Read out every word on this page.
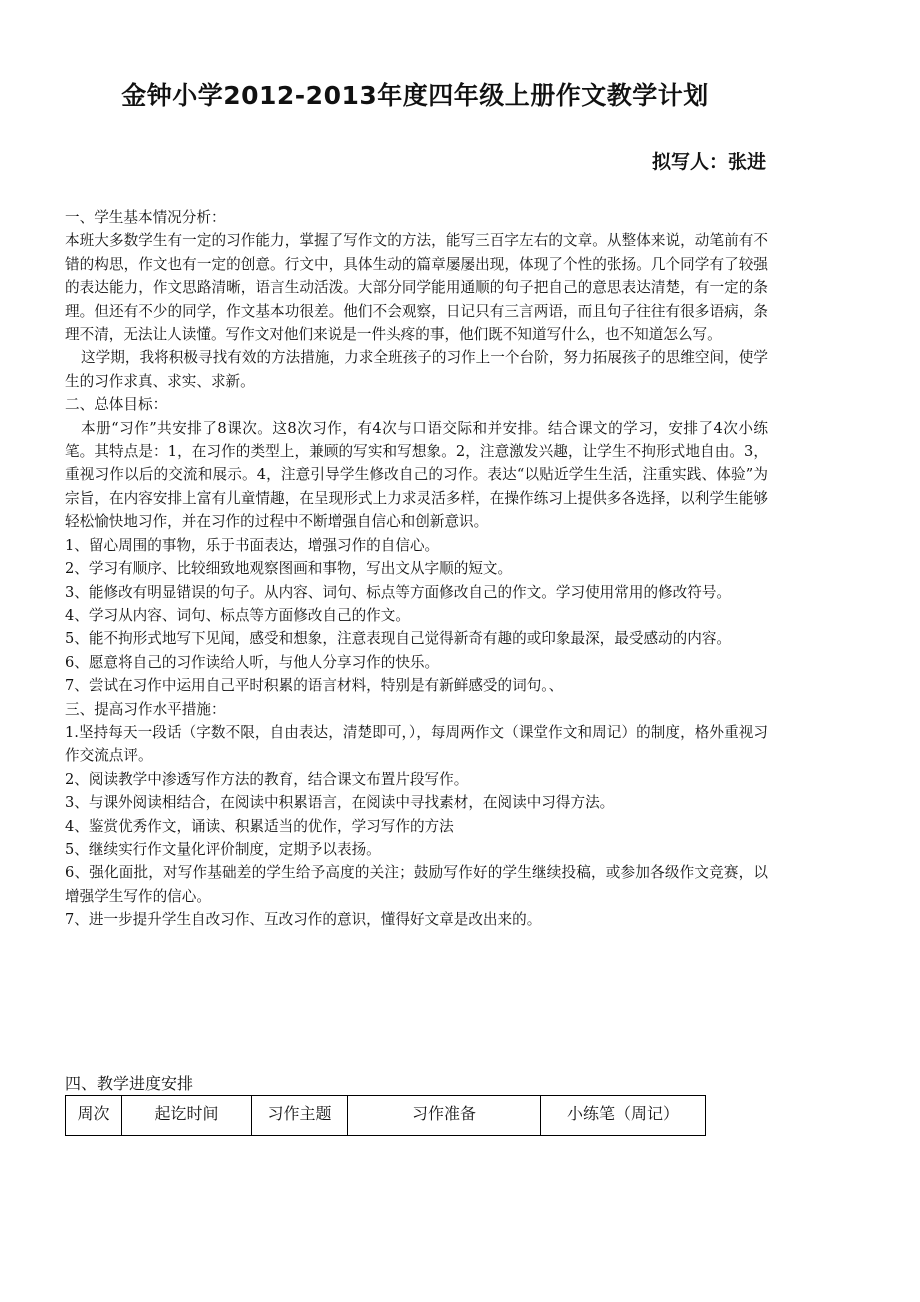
金钟小学2012-2013年度四年级上册作文教学计划
拟写人：张进

一、学生基本情况分析：

本班大多数学生有一定的习作能力，掌握了写作文的方法，能写三百字左右的文章。从整体来说，动笔前有不错的构思，作文也有一定的创意。行文中，具体生动的篇章屡屡出现，体现了个性的张扬。几个同学有了较强的表达能力，作文思路清晰，语言生动活泼。大部分同学能用通顺的句子把自己的意思表达清楚，有一定的条理。但还有不少的同学，作文基本功很差。他们不会观察，日记只有三言两语，而且句子往往有很多语病，条理不清，无法让人读懂。写作文对他们来说是一件头疼的事，他们既不知道写什么，也不知道怎么写。

这学期，我将积极寻找有效的方法措施，力求全班孩子的习作上一个台阶，努力拓展孩子的思维空间，使学生的习作求真、求实、求新。

二、总体目标：

本册“习作”共安排了8课次。这8次习作，有4次与口语交际和并安排。结合课文的学习，安排了4次小练笔。其特点是：1，在习作的类型上，兼顾的写实和写想象。2，注意激发兴趣，让学生不拘形式地自由。3，重视习作以后的交流和展示。4，注意引导学生修改自己的习作。表达“以贴近学生生活，注重实践、体验”为宗旨，在内容安排上富有儿童情趣，在呈现形式上力求灵活多样，在操作练习上提供多各选择，以利学生能够轻松愉快地习作，并在习作的过程中不断增强自信心和创新意识。

1、留心周围的事物，乐于书面表达，增强习作的自信心。

2、学习有顺序、比较细致地观察图画和事物，写出文从字顺的短文。

3、能修改有明显错误的句子。从内容、词句、标点等方面修改自己的作文。学习使用常用的修改符号。

4、学习从内容、词句、标点等方面修改自己的作文。

5、能不拘形式地写下见闻，感受和想象，注意表现自己觉得新奇有趣的或印象最深，最受感动的内容。

6、愿意将自己的习作读给人听，与他人分享习作的快乐。

7、尝试在习作中运用自己平时积累的语言材料，特别是有新鲜感受的词句。、

三、提高习作水平措施：

1.坚持每天一段话（字数不限，自由表达，清楚即可，），每周两作文（课堂作文和周记）的制度，格外重视习作交流点评。

2、阅读教学中渗透写作方法的教育，结合课文布置片段写作。

3、与课外阅读相结合，在阅读中积累语言，在阅读中寻找素材，在阅读中习得方法。

4、鉴赏优秀作文，诵读、积累适当的优作，学习写作的方法

5、继续实行作文量化评价制度，定期予以表扬。

6、强化面批，对写作基础差的学生给予高度的关注；鼓励写作好的学生继续投稿，或参加各级作文竞赛，以增强学生写作的信心。

7、进一步提升学生自改习作、互改习作的意识，懂得好文章是改出来的。

四、教学进度安排
周次	起讫时间	习作主题	习作准备	小练笔（周记）
